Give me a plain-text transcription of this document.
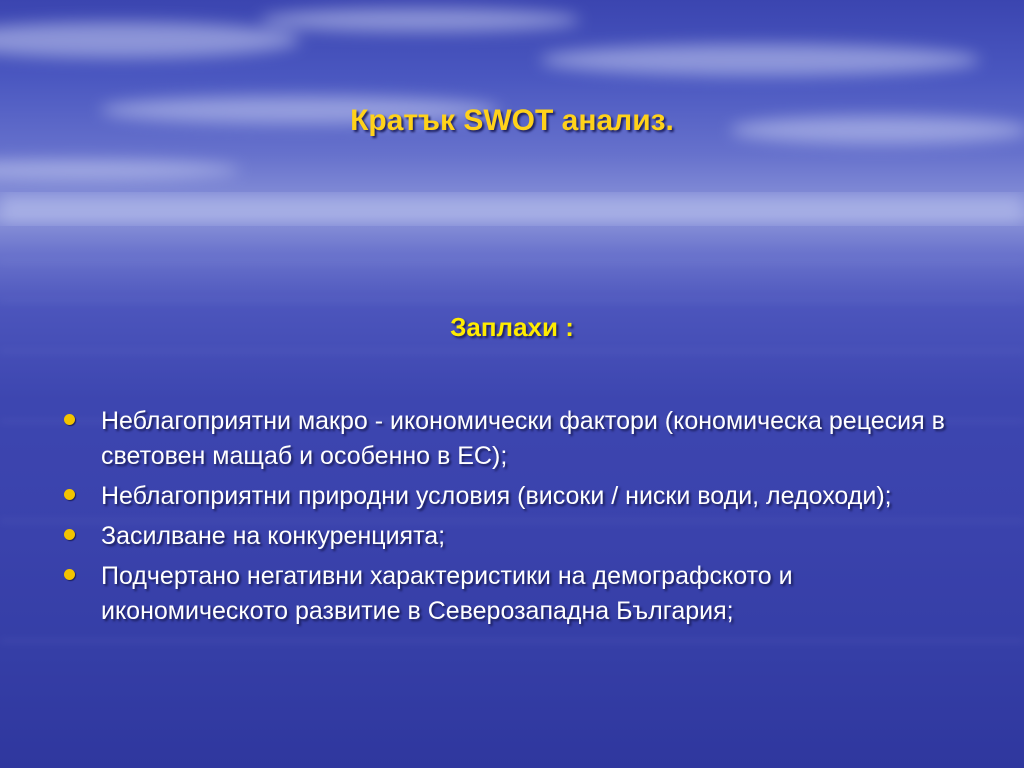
Кратък SWOT анализ.
Заплахи :
Неблагоприятни макро - икономически фактори (кономическа рецесия в световен мащаб и особенно в ЕС);
Неблагоприятни природни условия (високи / ниски води, ледоходи);
Засилване на конкуренцията;
Подчертано негативни характеристики на демографското и икономическото развитие в Северозападна България;
